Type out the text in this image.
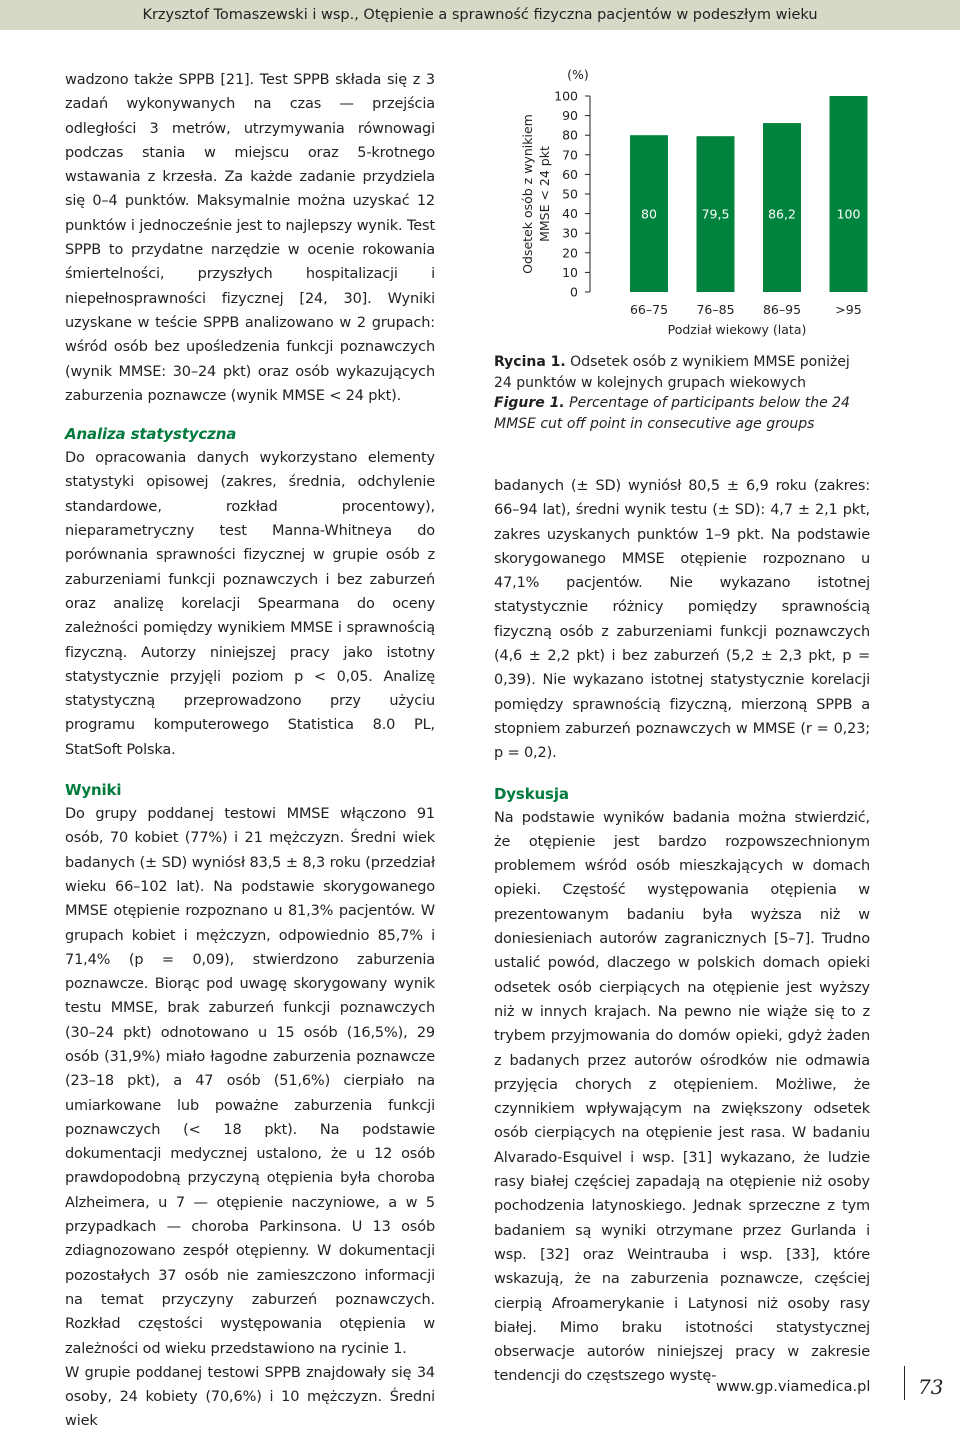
Krzysztof Tomaszewski i wsp., Otępienie a sprawność fizyczna pacjentów w podeszłym wieku

wadzono także SPPB [21]. Test SPPB składa się z 3 zadań wykonywanych na czas — przejścia odległości 3 metrów, utrzymywania równowagi podczas stania w miejscu oraz 5-krotnego wstawania z krzesła. Za każde zadanie przydziela się 0–4 punktów. Maksymalnie można uzyskać 12 punktów i jednocześnie jest to najlepszy wynik. Test SPPB to przydatne narzędzie w ocenie rokowania śmiertelności, przyszłych hospitalizacji i niepełnosprawności fizycznej [24, 30]. Wyniki uzyskane w teście SPPB analizowano w 2 grupach: wśród osób bez upośledzenia funkcji poznawczych (wynik MMSE: 30–24 pkt) oraz osób wykazujących zaburzenia poznawcze (wynik MMSE < 24 pkt).

Analiza statystyczna

Do opracowania danych wykorzystano elementy statystyki opisowej (zakres, średnia, odchylenie standardowe, rozkład procentowy), nieparametryczny test Manna-Whitneya do porównania sprawności fizycznej w grupie osób z zaburzeniami funkcji poznawczych i bez zaburzeń oraz analizę korelacji Spearmana do oceny zależności pomiędzy wynikiem MMSE i sprawnością fizyczną. Autorzy niniejszej pracy jako istotny statystycznie przyjęli poziom p < 0,05. Analizę statystyczną przeprowadzono przy użyciu programu komputerowego Statistica 8.0 PL, StatSoft Polska.

Wyniki

Do grupy poddanej testowi MMSE włączono 91 osób, 70 kobiet (77%) i 21 mężczyzn. Średni wiek badanych (± SD) wyniósł 83,5 ± 8,3 roku (przedział wieku 66–102 lat). Na podstawie skorygowanego MMSE otępienie rozpoznano u 81,3% pacjentów. W grupach kobiet i mężczyzn, odpowiednio 85,7% i 71,4% (p = 0,09), stwierdzono zaburzenia poznawcze. Biorąc pod uwagę skorygowany wynik testu MMSE, brak zaburzeń funkcji poznawczych (30–24 pkt) odnotowano u 15 osób (16,5%), 29 osób (31,9%) miało łagodne zaburzenia poznawcze (23–18 pkt), a 47 osób (51,6%) cierpiało na umiarkowane lub poważne zaburzenia funkcji poznawczych (< 18 pkt). Na podstawie dokumentacji medycznej ustalono, że u 12 osób prawdopodobną przyczyną otępienia była choroba Alzheimera, u 7 — otępienie naczyniowe, a w 5 przypadkach — choroba Parkinsona. U 13 osób zdiagnozowano zespół otępienny. W dokumentacji pozostałych 37 osób nie zamieszczono informacji na temat przyczyny zaburzeń poznawczych. Rozkład częstości występowania otępienia w zależności od wieku przedstawiono na rycinie 1.

W grupie poddanej testowi SPPB znajdowały się 34 osoby, 24 kobiety (70,6%) i 10 mężczyzn. Średni wiek

0
10
20
30
40
50
60
70
80
90
100
(%)
Odsetek osób z wynikiem MMSE < 24 pkt	80
66–75
79,5
76–85
86,2
86–95
100
>95
Podział wiekowy (lata)
Rycina 1. Odsetek osób z wynikiem MMSE poniżej 24 punktów w kolejnych grupach wiekowych
Figure 1. Percentage of participants below the 24 MMSE cut off point in consecutive age groups

badanych (± SD) wyniósł 80,5 ± 6,9 roku (zakres: 66–94 lat), średni wynik testu (± SD): 4,7 ± 2,1 pkt, zakres uzyskanych punktów 1–9 pkt. Na podstawie skorygowanego MMSE otępienie rozpoznano u 47,1% pacjentów. Nie wykazano istotnej statystycznie różnicy pomiędzy sprawnością fizyczną osób z zaburzeniami funkcji poznawczych (4,6 ± 2,2 pkt) i bez zaburzeń (5,2 ± 2,3 pkt, p = 0,39). Nie wykazano istotnej statystycznie korelacji pomiędzy sprawnością fizyczną, mierzoną SPPB a stopniem zaburzeń poznawczych w MMSE (r = 0,23; p = 0,2).

Dyskusja

Na podstawie wyników badania można stwierdzić, że otępienie jest bardzo rozpowszechnionym problemem wśród osób mieszkających w domach opieki. Częstość występowania otępienia w prezentowanym badaniu była wyższa niż w doniesieniach autorów zagranicznych [5–7]. Trudno ustalić powód, dlaczego w polskich domach opieki odsetek osób cierpiących na otępienie jest wyższy niż w innych krajach. Na pewno nie wiąże się to z trybem przyjmowania do domów opieki, gdyż żaden z badanych przez autorów ośrodków nie odmawia przyjęcia chorych z otępieniem. Możliwe, że czynnikiem wpływającym na zwiększony odsetek osób cierpiących na otępienie jest rasa. W badaniu Alvarado-Esquivel i wsp. [31] wykazano, że ludzie rasy białej częściej zapadają na otępienie niż osoby pochodzenia latynoskiego. Jednak sprzeczne z tym badaniem są wyniki otrzymane przez Gurlanda i wsp. [32] oraz Weintrauba i wsp. [33], które wskazują, że na zaburzenia poznawcze, częściej cierpią Afroamerykanie i Latynosi niż osoby rasy białej. Mimo braku istotności statystycznej obserwacje autorów niniejszej pracy w zakresie tendencji do częstszego wystę-

www.gp.viamedica.pl 73
